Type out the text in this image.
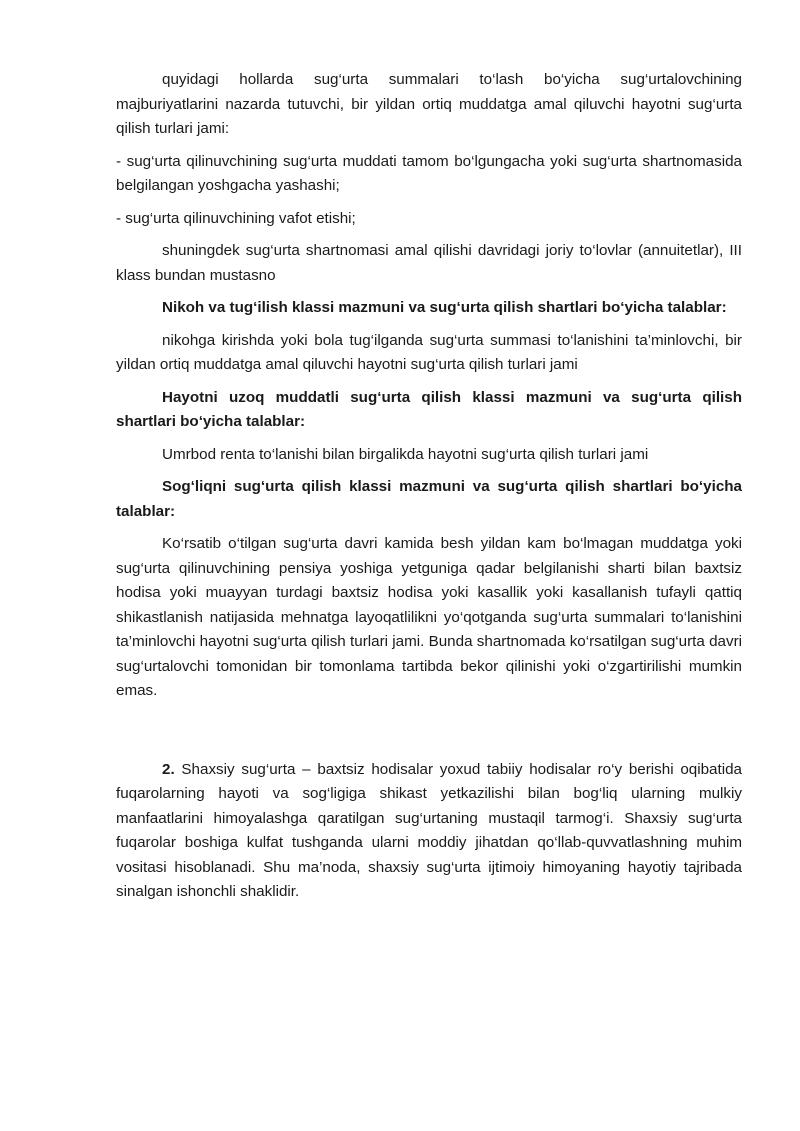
quyidagi hollarda sug‘urta summalari to‘lash bo‘yicha sug‘urtalovchining majburiyatlarini nazarda tutuvchi, bir yildan ortiq muddatga amal qiluvchi hayotni sug‘urta qilish turlari jami:

- sug‘urta qilinuvchining sug‘urta muddati tamom bo‘lgungacha yoki sug‘urta shartnomasida belgilangan yoshgacha yashashi;

- sug‘urta qilinuvchining vafot etishi;

shuningdek sug‘urta shartnomasi amal qilishi davridagi joriy to‘lovlar (annuitetlar), III klass bundan mustasno

Nikoh va tug‘ilish klassi mazmuni va sug‘urta qilish shartlari bo‘yicha talablar:

nikohga kirishda yoki bola tug‘ilganda sug‘urta summasi to‘lanishini ta’minlovchi, bir yildan ortiq muddatga amal qiluvchi hayotni sug‘urta qilish turlari jami

Hayotni uzoq muddatli sug‘urta qilish klassi mazmuni va sug‘urta qilish shartlari bo‘yicha talablar:

Umrbod renta to‘lanishi bilan birgalikda hayotni sug‘urta qilish turlari jami

Sog‘liqni sug‘urta qilish klassi mazmuni va sug‘urta qilish shartlari bo‘yicha talablar:

Ko‘rsatib o‘tilgan sug‘urta davri kamida besh yildan kam bo‘lmagan muddatga yoki sug‘urta qilinuvchining pensiya yoshiga yetguniga qadar belgilanishi sharti bilan baxtsiz hodisa yoki muayyan turdagi baxtsiz hodisa yoki kasallik yoki kasallanish tufayli qattiq shikastlanish natijasida mehnatga layoqatlilikni yo‘qotganda sug‘urta summalari to‘lanishini ta’minlovchi hayotni sug‘urta qilish turlari jami. Bunda shartnomada ko‘rsatilgan sug‘urta davri sug‘urtalovchi tomonidan bir tomonlama tartibda bekor qilinishi yoki o‘zgartirilishi mumkin emas.

2. Shaxsiy sug‘urta – baxtsiz hodisalar yoxud tabiiy hodisalar ro‘y berishi oqibatida fuqarolarning hayoti va sog‘ligiga shikast yetkazilishi bilan bog‘liq ularning mulkiy manfaatlarini himoyalashga qaratilgan sug‘urtaning mustaqil tarmog‘i. Shaxsiy sug‘urta fuqarolar boshiga kulfat tushganda ularni moddiy jihatdan qo‘llab-quvvatlashning muhim vositasi hisoblanadi. Shu ma’noda, shaxsiy sug‘urta ijtimoiy himoyaning hayotiy tajribada sinalgan ishonchli shaklidir.
